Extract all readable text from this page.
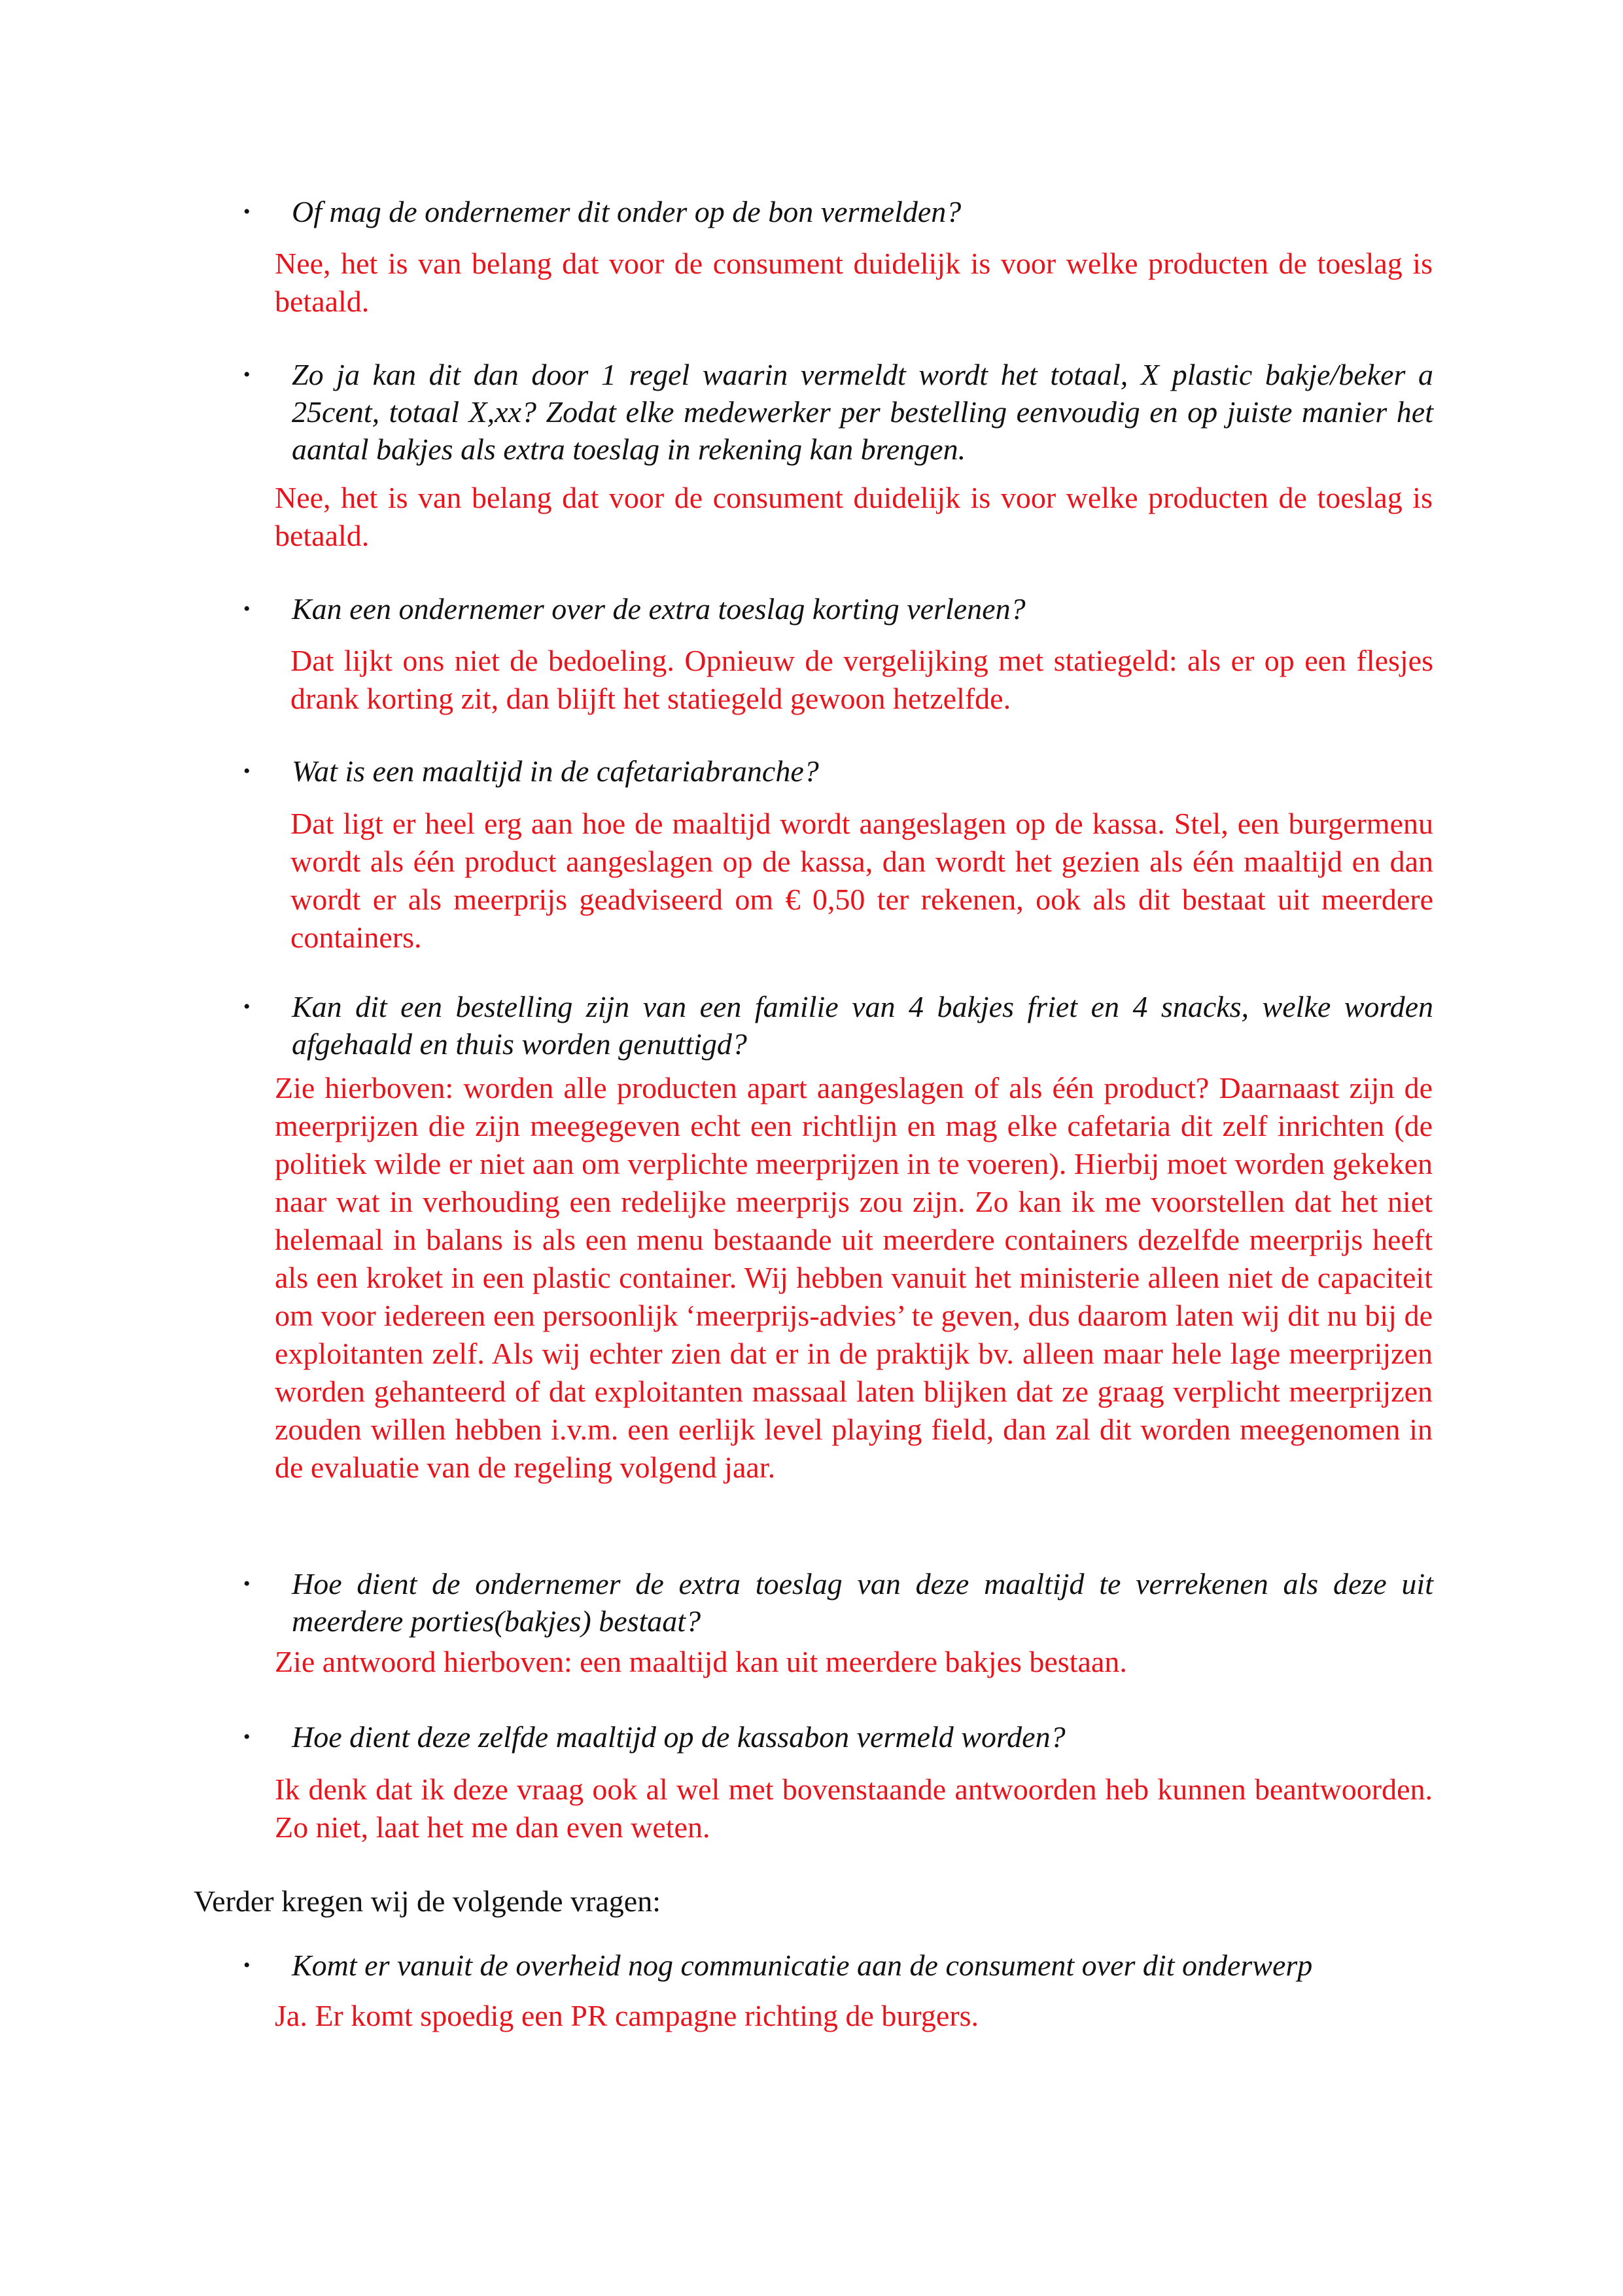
• Of mag de ondernemer dit onder op de bon vermelden?
Nee, het is van belang dat voor de consument duidelijk is voor welke producten de toeslag is betaald.
• Zo ja kan dit dan door 1 regel waarin vermeldt wordt het totaal, X plastic bakje/beker a 25cent, totaal X,xx? Zodat elke medewerker per bestelling eenvoudig en op juiste manier het aantal bakjes als extra toeslag in rekening kan brengen.
Nee, het is van belang dat voor de consument duidelijk is voor welke producten de toeslag is betaald.
• Kan een ondernemer over de extra toeslag korting verlenen?
Dat lijkt ons niet de bedoeling. Opnieuw de vergelijking met statiegeld: als er op een flesjes drank korting zit, dan blijft het statiegeld gewoon hetzelfde.
• Wat is een maaltijd in de cafetariabranche?
Dat ligt er heel erg aan hoe de maaltijd wordt aangeslagen op de kassa. Stel, een burgermenu wordt als één product aangeslagen op de kassa, dan wordt het gezien als één maaltijd en dan wordt er als meerprijs geadviseerd om € 0,50 ter rekenen, ook als dit bestaat uit meerdere containers.
• Kan dit een bestelling zijn van een familie van 4 bakjes friet en 4 snacks, welke worden afgehaald en thuis worden genuttigd?
Zie hierboven: worden alle producten apart aangeslagen of als één product? Daarnaast zijn de meerprijzen die zijn meegegeven echt een richtlijn en mag elke cafetaria dit zelf inrichten (de politiek wilde er niet aan om verplichte meerprijzen in te voeren). Hierbij moet worden gekeken naar wat in verhouding een redelijke meerprijs zou zijn. Zo kan ik me voorstellen dat het niet helemaal in balans is als een menu bestaande uit meerdere containers dezelfde meerprijs heeft als een kroket in een plastic container. Wij hebben vanuit het ministerie alleen niet de capaciteit om voor iedereen een persoonlijk ‘meerprijs-advies’ te geven, dus daarom laten wij dit nu bij de exploitanten zelf. Als wij echter zien dat er in de praktijk bv. alleen maar hele lage meerprijzen worden gehanteerd of dat exploitanten massaal laten blijken dat ze graag verplicht meerprijzen zouden willen hebben i.v.m. een eerlijk level playing field, dan zal dit worden meegenomen in de evaluatie van de regeling volgend jaar.
• Hoe dient de ondernemer de extra toeslag van deze maaltijd te verrekenen als deze uit meerdere porties(bakjes) bestaat?
Zie antwoord hierboven: een maaltijd kan uit meerdere bakjes bestaan.
• Hoe dient deze zelfde maaltijd op de kassabon vermeld worden?
Ik denk dat ik deze vraag ook al wel met bovenstaande antwoorden heb kunnen beantwoorden. Zo niet, laat het me dan even weten.
Verder kregen wij de volgende vragen:
• Komt er vanuit de overheid nog communicatie aan de consument over dit onderwerp
Ja. Er komt spoedig een PR campagne richting de burgers.
